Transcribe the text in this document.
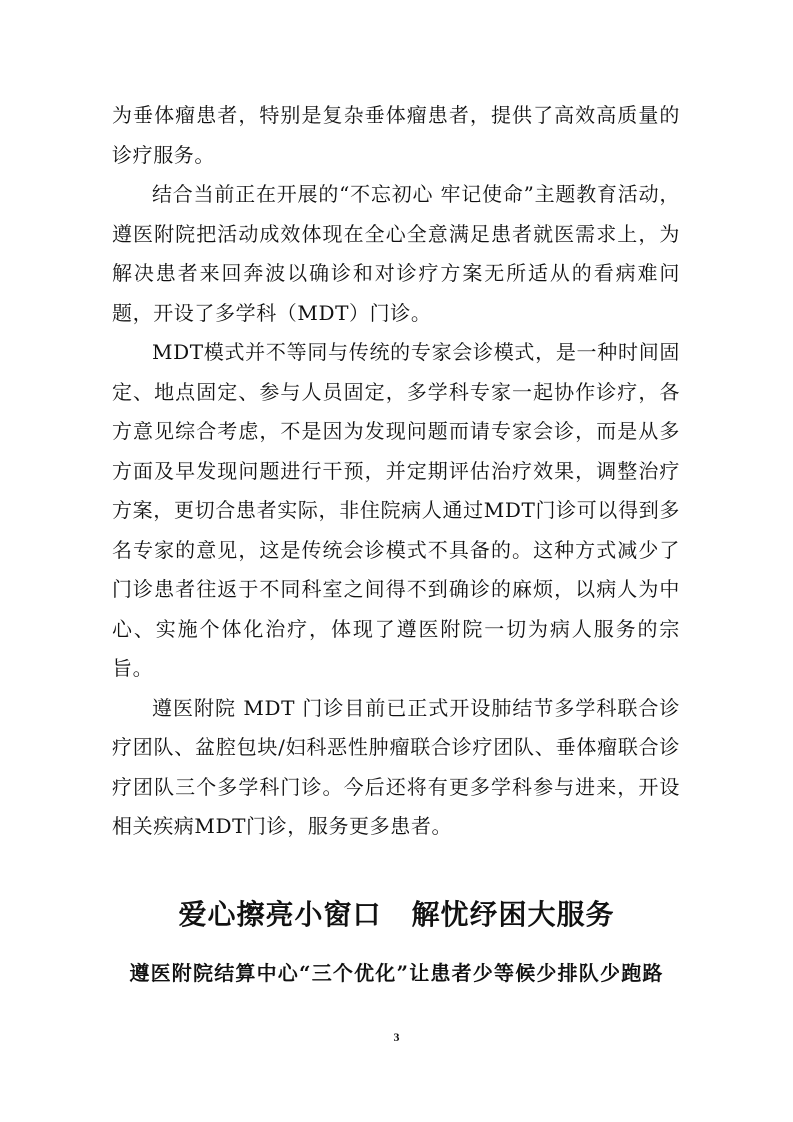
为垂体瘤患者，特别是复杂垂体瘤患者，提供了高效高质量的诊疗服务。

结合当前正在开展的“不忘初心 牢记使命”主题教育活动，遵医附院把活动成效体现在全心全意满足患者就医需求上，为解决患者来回奔波以确诊和对诊疗方案无所适从的看病难问题，开设了多学科（MDT）门诊。

MDT模式并不等同与传统的专家会诊模式，是一种时间固定、地点固定、参与人员固定，多学科专家一起协作诊疗，各方意见综合考虑，不是因为发现问题而请专家会诊，而是从多方面及早发现问题进行干预，并定期评估治疗效果，调整治疗方案，更切合患者实际，非住院病人通过MDT门诊可以得到多名专家的意见，这是传统会诊模式不具备的。这种方式减少了门诊患者往返于不同科室之间得不到确诊的麻烦，以病人为中心、实施个体化治疗，体现了遵医附院一切为病人服务的宗旨。

遵医附院 MDT 门诊目前已正式开设肺结节多学科联合诊疗团队、盆腔包块/妇科恶性肿瘤联合诊疗团队、垂体瘤联合诊疗团队三个多学科门诊。今后还将有更多学科参与进来，开设相关疾病MDT门诊，服务更多患者。

爱心擦亮小窗口 解忧纾困大服务
遵医附院结算中心“三个优化”让患者少等候少排队少跑路
3
